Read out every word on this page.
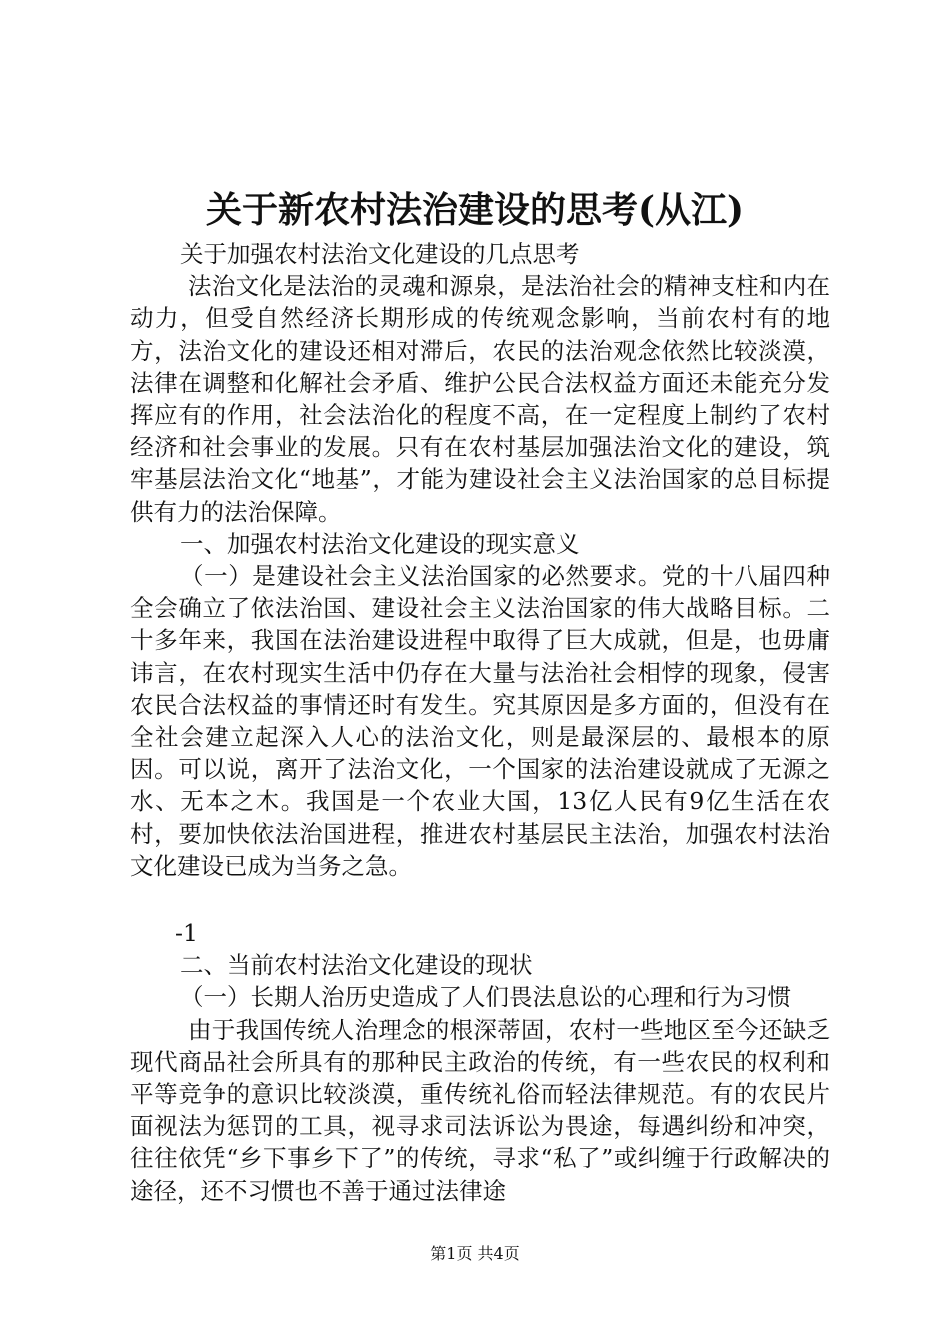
关于新农村法治建设的思考(从江)

关于加强农村法治文化建设的几点思考

法治文化是法治的灵魂和源泉，是法治社会的精神支柱和内在动力，但受自然经济长期形成的传统观念影响，当前农村有的地方，法治文化的建设还相对滞后，农民的法治观念依然比较淡漠，法律在调整和化解社会矛盾、维护公民合法权益方面还未能充分发挥应有的作用，社会法治化的程度不高，在一定程度上制约了农村经济和社会事业的发展。只有在农村基层加强法治文化的建设，筑牢基层法治文化“地基”，才能为建设社会主义法治国家的总目标提供有力的法治保障。

一、加强农村法治文化建设的现实意义

（一）是建设社会主义法治国家的必然要求。党的十八届四种全会确立了依法治国、建设社会主义法治国家的伟大战略目标。二十多年来，我国在法治建设进程中取得了巨大成就，但是，也毋庸讳言，在农村现实生活中仍存在大量与法治社会相悖的现象，侵害农民合法权益的事情还时有发生。究其原因是多方面的，但没有在全社会建立起深入人心的法治文化，则是最深层的、最根本的原因。可以说，离开了法治文化，一个国家的法治建设就成了无源之水、无本之木。我国是一个农业大国，13亿人民有9亿生活在农村，要加快依法治国进程，推进农村基层民主法治，加强农村法治文化建设已成为当务之急。

-1

二、当前农村法治文化建设的现状

（一）长期人治历史造成了人们畏法息讼的心理和行为习惯

由于我国传统人治理念的根深蒂固，农村一些地区至今还缺乏现代商品社会所具有的那种民主政治的传统，有一些农民的权利和平等竞争的意识比较淡漠，重传统礼俗而轻法律规范。有的农民片面视法为惩罚的工具，视寻求司法诉讼为畏途，每遇纠纷和冲突，往往依凭“乡下事乡下了”的传统，寻求“私了”或纠缠于行政解决的途径，还不习惯也不善于通过法律途

第1页 共4页
